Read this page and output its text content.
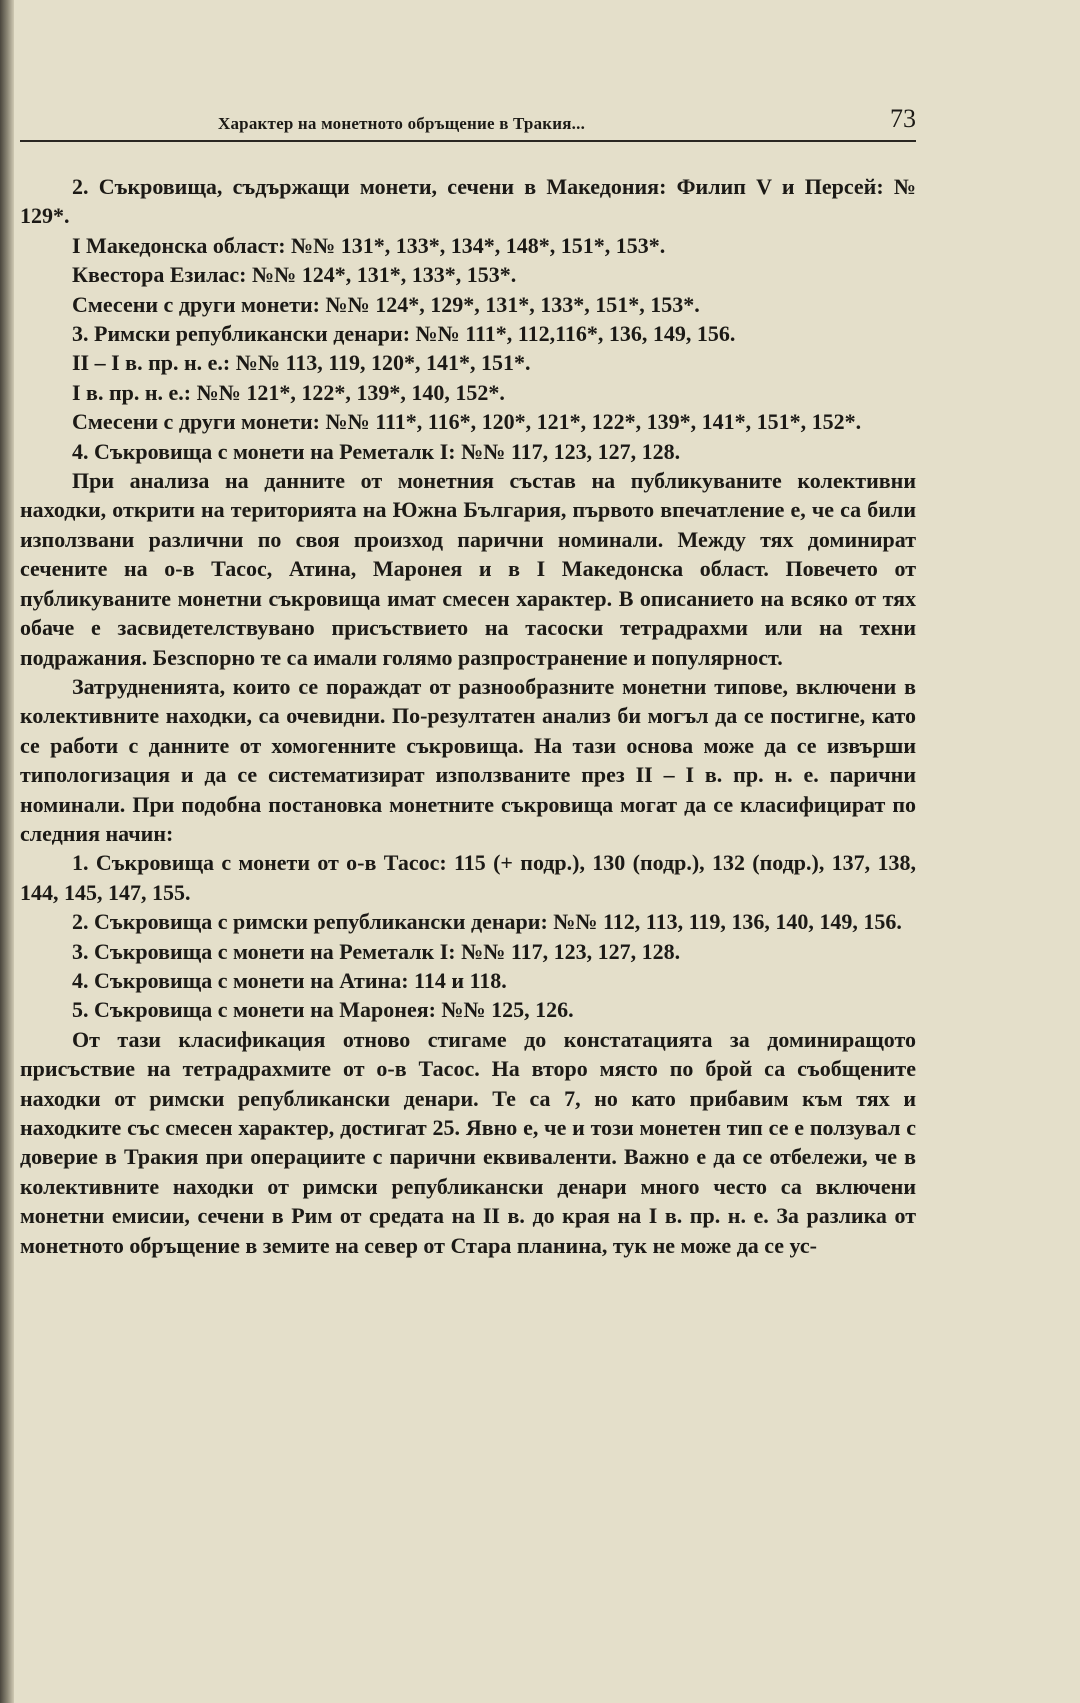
Характер на монетното обръщение в Тракия...	73

2. Съкровища, съдържащи монети, сечени в Македония: Филип V и Персей: № 129*.

I Македонска област: №№ 131*, 133*, 134*, 148*, 151*, 153*.

Квестора Езилас: №№ 124*, 131*, 133*, 153*.

Смесени с други монети: №№ 124*, 129*, 131*, 133*, 151*, 153*.

3. Римски републикански денари: №№ 111*, 112,116*, 136, 149, 156.

II – I в. пр. н. е.: №№ 113, 119, 120*, 141*, 151*.

I в. пр. н. е.: №№ 121*, 122*, 139*, 140, 152*.

Смесени с други монети: №№ 111*, 116*, 120*, 121*, 122*, 139*, 141*, 151*, 152*.

4. Съкровища с монети на Реметалк I: №№ 117, 123, 127, 128.

При анализа на данните от монетния състав на публикуваните колективни находки, открити на територията на Южна България, първото впечатление е, че са били използвани различни по своя произход парични номинали. Между тях доминират сечените на о-в Тасос, Атина, Маронея и в I Македонска област. Повечето от публикуваните монетни съкровища имат смесен характер. В описанието на всяко от тях обаче е засвидетелствувано присъствието на тасоски тетрадрахми или на техни подражания. Безспорно те са имали голямо разпространение и популярност.

Затрудненията, които се пораждат от разнообразните монетни типове, включени в колективните находки, са очевидни. По-резултатен анализ би могъл да се постигне, като се работи с данните от хомогенните съкровища. На тази основа може да се извърши типологизация и да се систематизират използваните през II – I в. пр. н. е. парични номинали. При подобна постановка монетните съкровища могат да се класифицират по следния начин:

1. Съкровища с монети от о-в Тасос: 115 (+ подр.), 130 (подр.), 132 (подр.), 137, 138, 144, 145, 147, 155.

2. Съкровища с римски републикански денари: №№ 112, 113, 119, 136, 140, 149, 156.

3. Съкровища с монети на Реметалк I: №№ 117, 123, 127, 128.

4. Съкровища с монети на Атина: 114 и 118.

5. Съкровища с монети на Маронея: №№ 125, 126.

От тази класификация отново стигаме до констатацията за доминиращото присъствие на тетрадрахмите от о-в Тасос. На второ място по брой са съобщените находки от римски републикански денари. Те са 7, но като прибавим към тях и находките със смесен характер, достигат 25. Явно е, че и този монетен тип се е ползувал с доверие в Тракия при операциите с парични еквиваленти. Важно е да се отбележи, че в колективните находки от римски републикански денари много често са включени монетни емисии, сечени в Рим от средата на II в. до края на I в. пр. н. е. За разлика от монетното обръщение в земите на север от Стара планина, тук не може да се ус-
